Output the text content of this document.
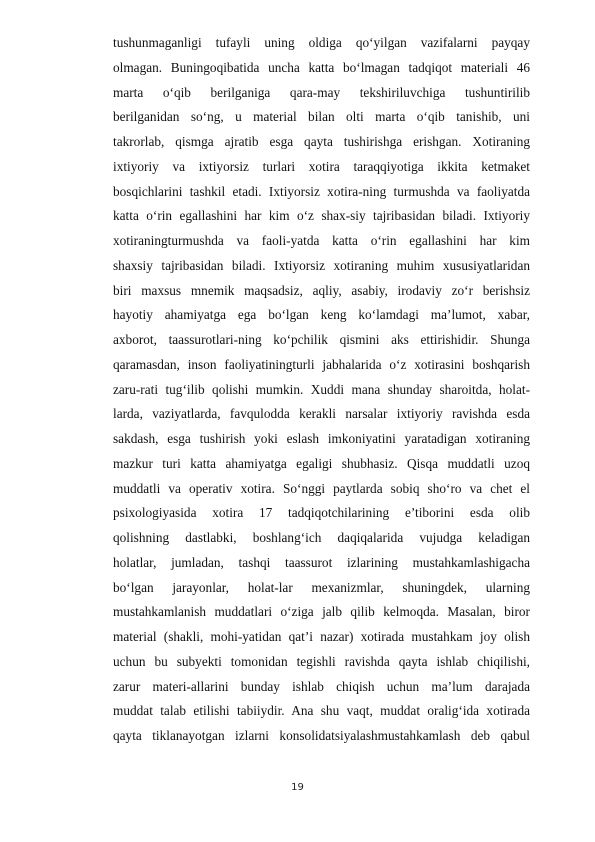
tushunmaganligi tufayli uning oldiga qo‘yilgan vazifalarni payqay
olmagan. Buningoqibatida uncha katta bo‘lmagan tadqiqot materiali 46
marta o‘qib berilganiga qara-may tekshiriluvchiga tushuntirilib
berilganidan so‘ng, u material bilan olti marta o‘qib tanishib, uni
takrorlab, qismga ajratib esga qayta tushirishga erishgan. Xotiraning
ixtiyoriy va ixtiyorsiz turlari xotira taraqqiyotiga ikkita ketmaket
bosqichlarini tashkil etadi. Ixtiyorsiz xotira-ning turmushda va faoliyatda
katta o‘rin egallashini har kim o‘z shax-siy tajribasidan biladi. Ixtiyoriy
xotiraningturmushda va faoli-yatda katta o‘rin egallashini har kim
shaxsiy tajribasidan biladi. Ixtiyorsiz xotiraning muhim xususiyatlaridan
biri maxsus mnemik maqsadsiz, aqliy, asabiy, irodaviy zo‘r berishsiz
hayotiy ahamiyatga ega bo‘lgan keng ko‘lamdagi ma’lumot, xabar,
axborot, taassurotlari-ning ko‘pchilik qismini aks ettirishidir. Shunga
qaramasdan, inson faoliyatiningturli jabhalarida o‘z xotirasini boshqarish
zaru-rati tug‘ilib qolishi mumkin. Xuddi mana shunday sharoitda, holat-
larda, vaziyatlarda, favqulodda kerakli narsalar ixtiyoriy ravishda esda
sakdash, esga tushirish yoki eslash imkoniyatini yaratadigan xotiraning
mazkur turi katta ahamiyatga egaligi shubhasiz. Qisqa muddatli uzoq
muddatli va operativ xotira. So‘nggi paytlarda sobiq sho‘ro va chet el
psixologiyasida xotira 17 tadqiqotchilarining e’tiborini esda olib
qolishning dastlabki, boshlang‘ich daqiqalarida vujudga keladigan
holatlar, jumladan, tashqi taassurot izlarining mustahkamlashigacha
bo‘lgan jarayonlar, holat-lar mexanizmlar, shuningdek, ularning
mustahkamlanish muddatlari o‘ziga jalb qilib kelmoqda. Masalan, biror
material (shakli, mohi-yatidan qat’i nazar) xotirada mustahkam joy olish
uchun bu subyekti tomonidan tegishli ravishda qayta ishlab chiqilishi,
zarur materi-allarini bunday ishlab chiqish uchun ma’lum darajada
muddat talab etilishi tabiiydir. Ana shu vaqt, muddat oralig‘ida xotirada
qayta tiklanayotgan izlarni konsolidatsiyalashmustahkamlash deb qabul
19
